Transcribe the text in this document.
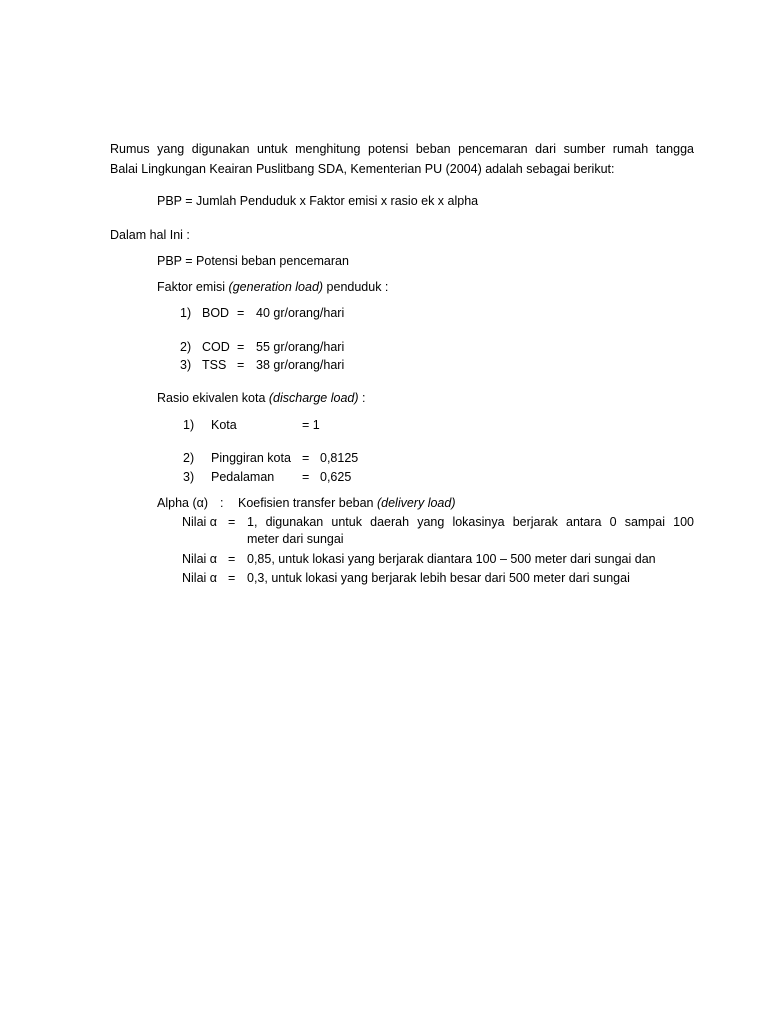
Rumus yang digunakan untuk menghitung potensi beban pencemaran dari sumber rumah tangga
Balai Lingkungan Keairan Puslitbang SDA, Kementerian PU (2004) adalah sebagai berikut:
PBP = Jumlah Penduduk x Faktor emisi x rasio ek x alpha
Dalam hal Ini :
PBP = Potensi beban pencemaran
Faktor emisi (generation load) penduduk :
1) BOD = 40 gr/orang/hari
2) COD = 55 gr/orang/hari
3) TSS = 38 gr/orang/hari
Rasio ekivalen kota (discharge load) :
1) Kota	= 1
2) Pinggiran kota = 0,8125
3) Pedalaman = 0,625
Alpha (α) : Koefisien transfer beban (delivery load)
Nilai α = 1, digunakan untuk daerah yang lokasinya berjarak antara 0 sampai 100
meter dari sungai
Nilai α = 0,85, untuk lokasi yang berjarak diantara 100 – 500 meter dari sungai dan
Nilai α = 0,3, untuk lokasi yang berjarak lebih besar dari 500 meter dari sungai
